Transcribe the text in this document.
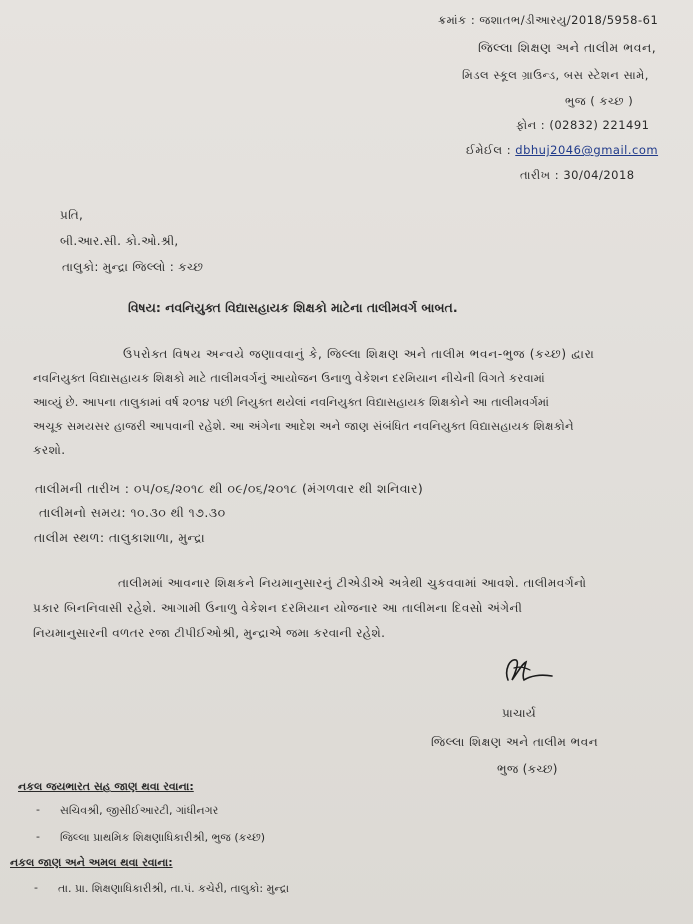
ક્રમાંક : જશાતભ/ડીઆરયુ/2018/5958-61
જિલ્લા શિક્ષણ અને તાલીમ ભવન,
મિડલ સ્કૂલ ગ્રાઉન્ડ, બસ સ્ટેશન સામે,
ભુજ ( કચ્છ )
ફોન : (02832) 221491
ઈમેઈલ : dbhuj2046@gmail.com
તારીખ : 30/04/2018
પ્રતિ,
બી.આર.સી. કો.ઓ.શ્રી,
તાલુકો: મુન્દ્રા જિલ્લો : કચ્છ
વિષય: નવનિયુક્ત વિદ્યાસહાયક શિક્ષકો માટેના તાલીમવર્ગ બાબત.
ઉપરોક્ત વિષય અન્વયે જણાવવાનું કે, જિલ્લા શિક્ષણ અને તાલીમ ભવન-ભુજ (કચ્છ) દ્વારા
નવનિયુક્ત વિદ્યાસહાયક શિક્ષકો માટે તાલીમવર્ગનું આયોજન ઉનાળુ વેકેશન દરમિયાન નીચેની વિગતે કરવામાં
આવ્યું છે. આપના તાલુકામાં વર્ષ ૨૦૧૪ પછી નિયુક્ત થયેલાં નવનિયુક્ત વિદ્યાસહાયક શિક્ષકોને આ તાલીમવર્ગમાં
અચૂક સમયસર હાજરી આપવાની રહેશે. આ અંગેના આદેશ અને જાણ સંબંધિત નવનિયુક્ત વિદ્યાસહાયક શિક્ષકોને
કરશો.
તાલીમની તારીખ : ૦૫/૦૬/૨૦૧૮ થી ૦૯/૦૬/૨૦૧૮ (મંગળવાર થી શનિવાર)
તાલીમનો સમય: ૧૦.૩૦ થી ૧૭.૩૦
તાલીમ સ્થળ: તાલુકાશાળા, મુન્દ્રા
તાલીમમાં આવનાર શિક્ષકને નિયમાનુસારનું ટીએડીએ અત્રેથી ચુકવવામાં આવશે. તાલીમવર્ગનો
પ્રકાર બિનનિવાસી રહેશે. આગામી ઉનાળુ વેકેશન દરમિયાન યોજનાર આ તાલીમના દિવસો અંગેની
નિયમાનુસારની વળતર રજા ટીપીઈઓશ્રી, મુન્દ્રાએ જમા કરવાની રહેશે.
પ્રાચાર્ય
જિલ્લા શિક્ષણ અને તાલીમ ભવન
ભુજ (કચ્છ)
નકલ જયભારત સહ જાણ થવા રવાના:
- સચિવશ્રી, જીસીઈઆરટી, ગાંધીનગર
- જિલ્લા પ્રાથમિક શિક્ષણાધિકારીશ્રી, ભુજ (કચ્છ)
નકલ જાણ અને અમલ થવા રવાના:
- તા. પ્રા. શિક્ષણાધિકારીશ્રી, તા.પં. કચેરી, તાલુકો: મુન્દ્રા
